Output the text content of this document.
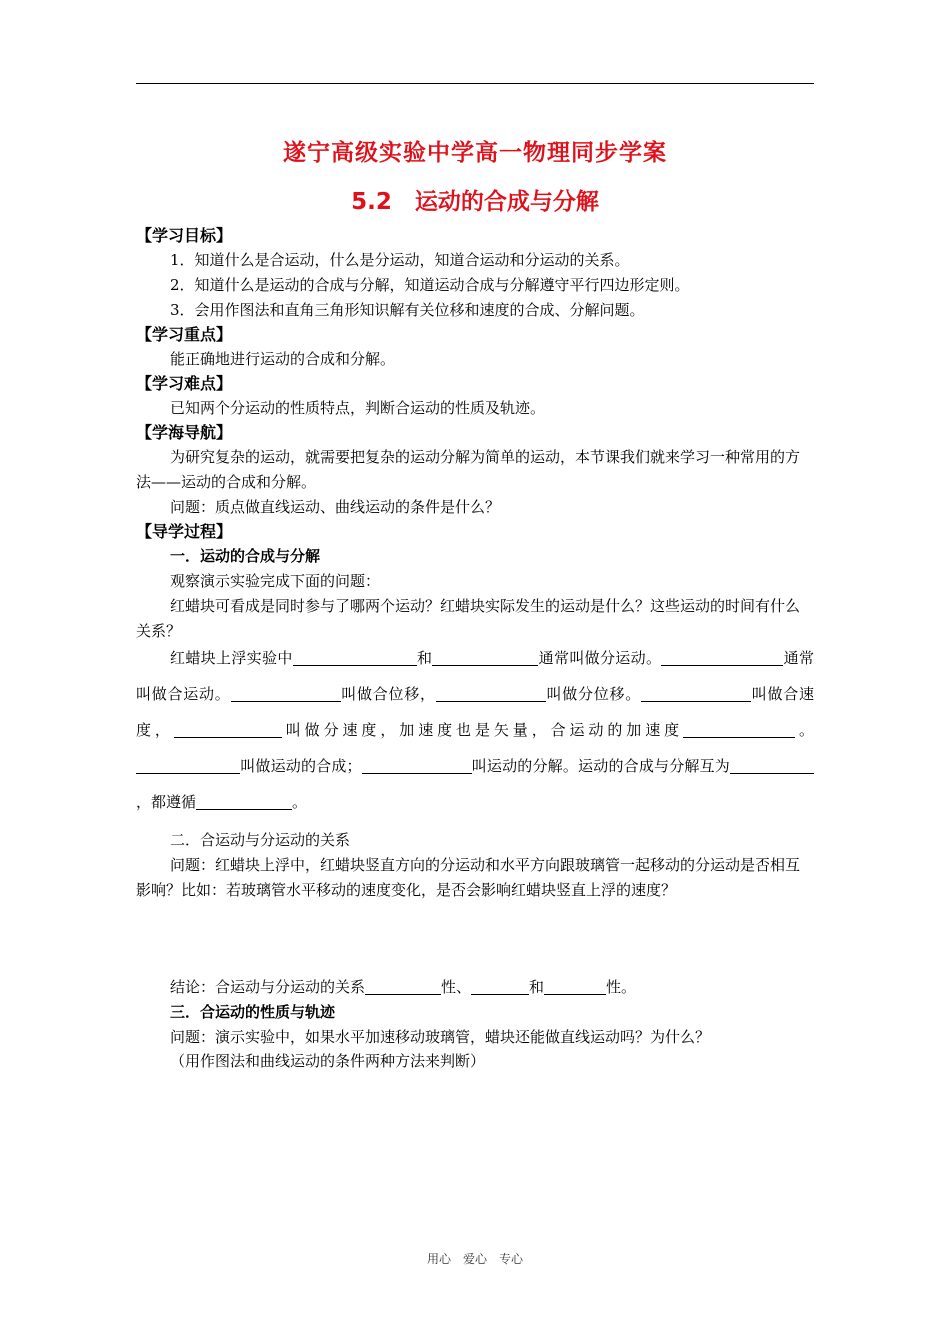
遂宁高级实验中学高一物理同步学案
5.2　运动的合成与分解

【学习目标】

1．知道什么是合运动，什么是分运动，知道合运动和分运动的关系。

2．知道什么是运动的合成与分解，知道运动合成与分解遵守平行四边形定则。

3．会用作图法和直角三角形知识解有关位移和速度的合成、分解问题。

【学习重点】

能正确地进行运动的合成和分解。

【学习难点】

已知两个分运动的性质特点，判断合运动的性质及轨迹。

【学海导航】

为研究复杂的运动，就需要把复杂的运动分解为简单的运动，本节课我们就来学习一种常用的方法——运动的合成和分解。

问题：质点做直线运动、曲线运动的条件是什么？

【导学过程】

一．运动的合成与分解

观察演示实验完成下面的问题：

红蜡块可看成是同时参与了哪两个运动？红蜡块实际发生的运动是什么？这些运动的时间有什么关系？

红蜡块上浮实验中	和	通常叫做分运动。	通常叫做合运动。	叫做合位移，	叫做分位移。	叫做合速度，	叫做分速度，加速度也是矢量，合运动的加速度	。叫做运动的合成；	叫运动的分解。运动的合成与分解互为，都遵循	。

二．合运动与分运动的关系

问题：红蜡块上浮中，红蜡块竖直方向的分运动和水平方向跟玻璃管一起移动的分运动是否相互影响？比如：若玻璃管水平移动的速度变化，是否会影响红蜡块竖直上浮的速度？

结论：合运动与分运动的关系	性、	和	性。

三．合运动的性质与轨迹

问题：演示实验中，如果水平加速移动玻璃管，蜡块还能做直线运动吗？为什么？

（用作图法和曲线运动的条件两种方法来判断）

用心　爱心　专心
